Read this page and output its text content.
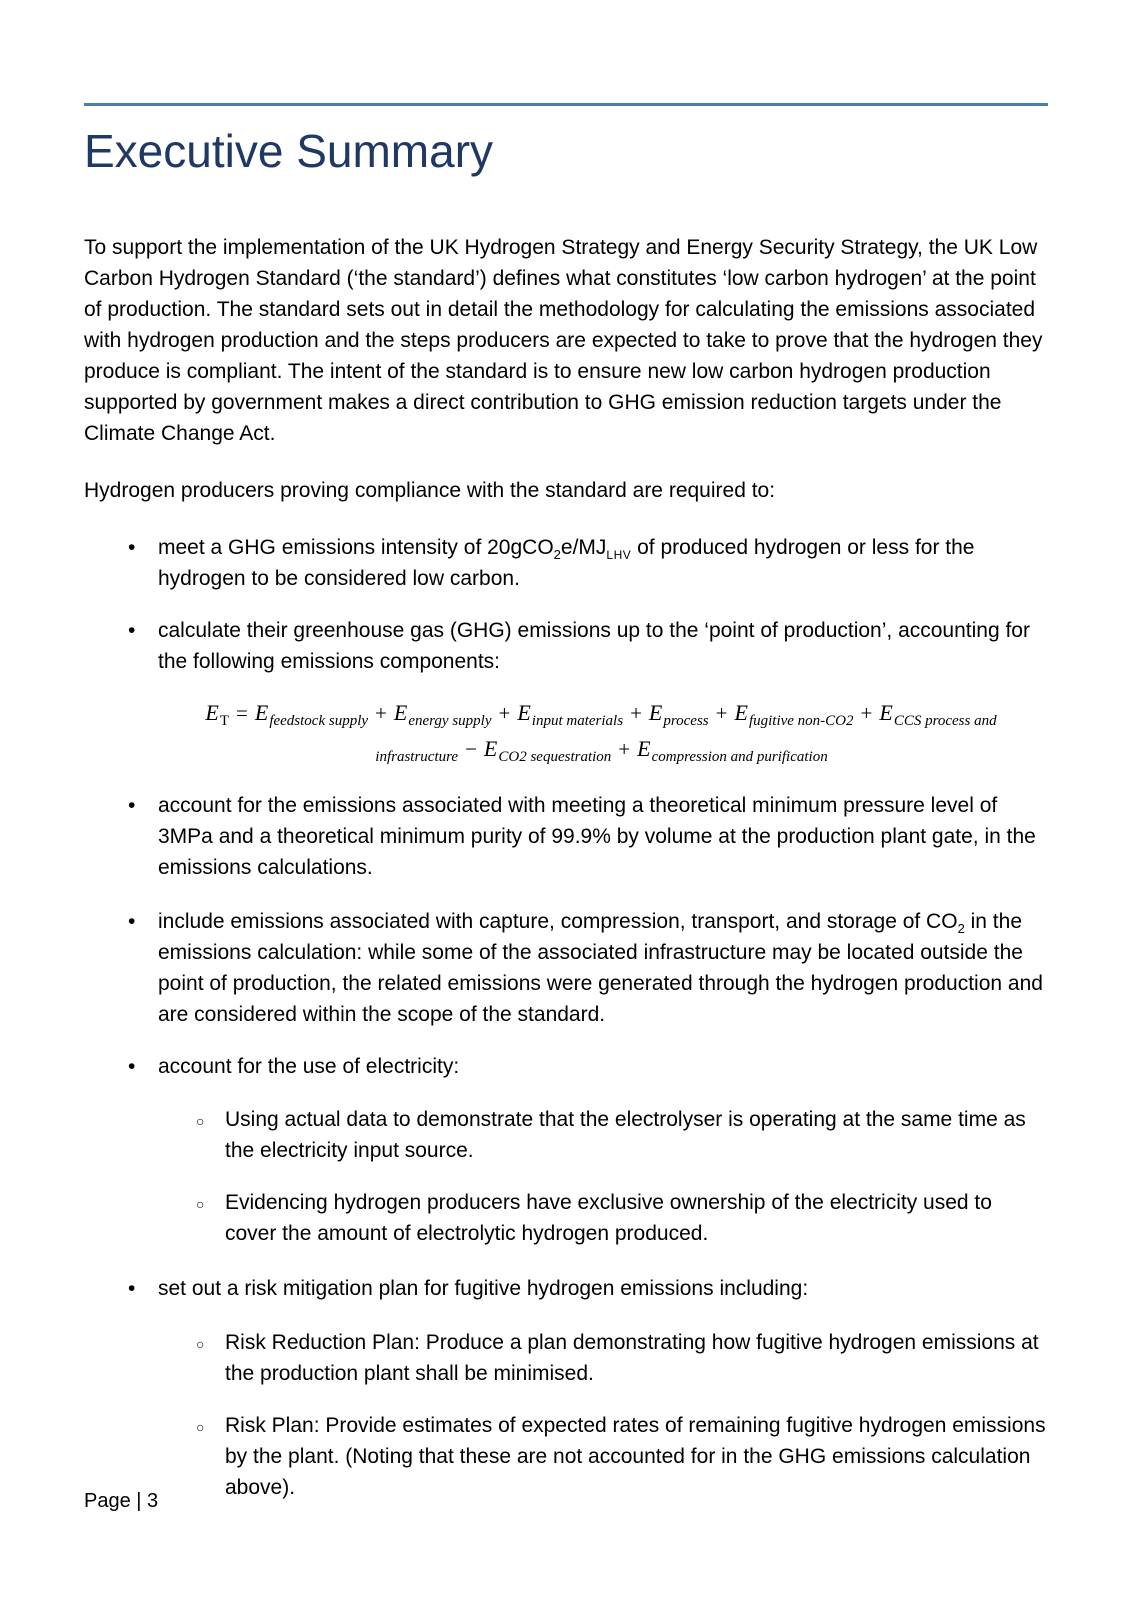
Executive Summary

To support the implementation of the UK Hydrogen Strategy and Energy Security Strategy, the UK Low Carbon Hydrogen Standard (‘the standard’) defines what constitutes ‘low carbon hydrogen’ at the point of production. The standard sets out in detail the methodology for calculating the emissions associated with hydrogen production and the steps producers are expected to take to prove that the hydrogen they produce is compliant. The intent of the standard is to ensure new low carbon hydrogen production supported by government makes a direct contribution to GHG emission reduction targets under the Climate Change Act.

Hydrogen producers proving compliance with the standard are required to:

• meet a GHG emissions intensity of $20gCO_2e/MJ_{LHV}$ of produced hydrogen or less for the hydrogen to be considered low carbon.
• calculate their greenhouse gas (GHG) emissions up to the ‘point of production’, accounting for the following emissions components:
$E_T = E_{feedstock supply} + E_{energy supply} + E_{input materials} + E_{process} + E_{fugitive non-CO2} + E_{CCS process and}$
$_{infrastructure} - E_{CO2 sequestration} + E_{compression and purification}$
• account for the emissions associated with meeting a theoretical minimum pressure level of 3MPa and a theoretical minimum purity of 99.9% by volume at the production plant gate, in the emissions calculations.
• include emissions associated with capture, compression, transport, and storage of $CO_2$ in the emissions calculation: while some of the associated infrastructure may be located outside the point of production, the related emissions were generated through the hydrogen production and are considered within the scope of the standard.
• account for the use of electricity:
○ Using actual data to demonstrate that the electrolyser is operating at the same time as the electricity input source.
○ Evidencing hydrogen producers have exclusive ownership of the electricity used to cover the amount of electrolytic hydrogen produced.
• set out a risk mitigation plan for fugitive hydrogen emissions including:
○ Risk Reduction Plan: Produce a plan demonstrating how fugitive hydrogen emissions at the production plant shall be minimised.
○ Risk Plan: Provide estimates of expected rates of remaining fugitive hydrogen emissions by the plant. (Noting that these are not accounted for in the GHG emissions calculation above).
Page | 3
